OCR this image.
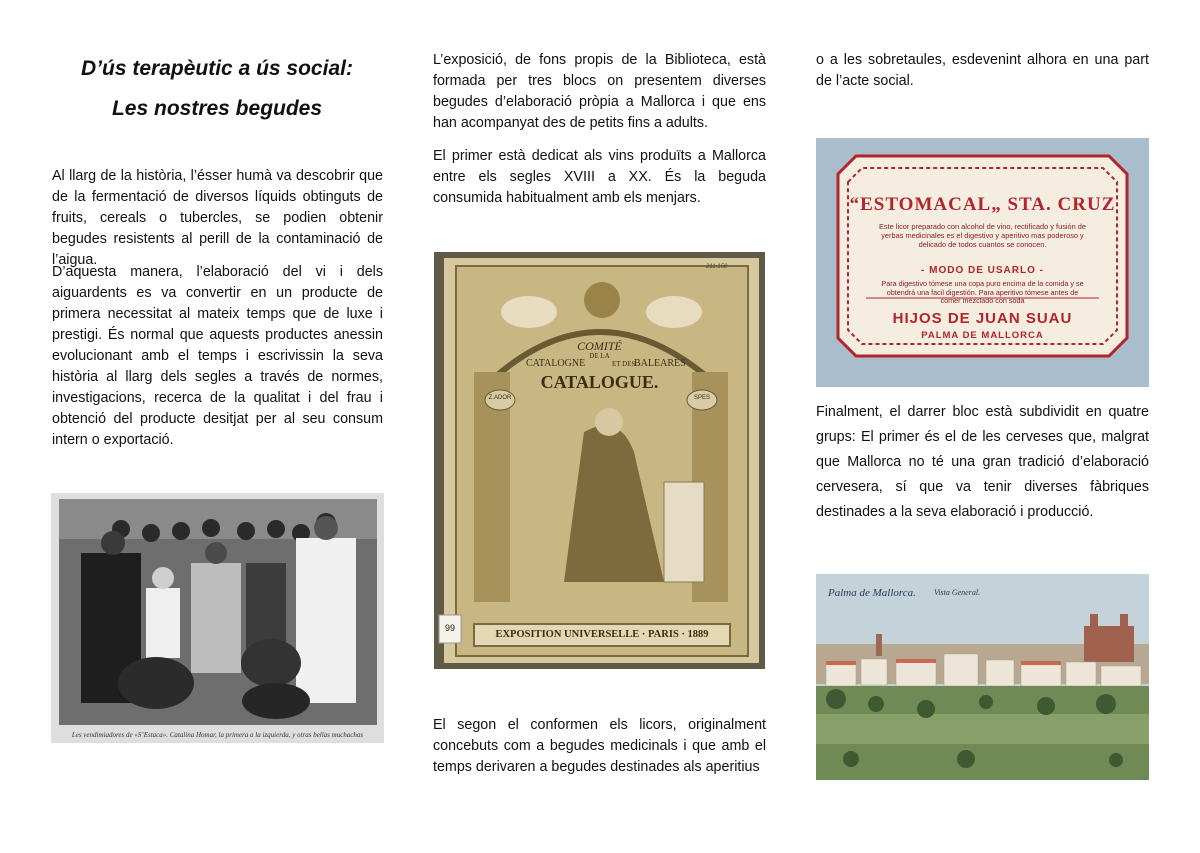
D’ús terapèutic a ús social:
Les nostres begudes
Al llarg de la història, l’ésser humà va descobrir que de la fermentació de diversos líquids obtinguts de fruits, cereals o tubercles, se podien obtenir begudes resistents al perill de la contaminació de l’aigua.
D’aquesta manera, l’elaboració del vi i dels aiguardents es va convertir en un producte de primera necessitat al mateix temps que de luxe i prestigi. És normal que aquests productes anessin evolucionant amb el temps i escrivissin la seva història al llarg dels segles a través de normes, investigacions, recerca de la qualitat i del frau i obtenció del producte desitjat per al seu consum intern o exportació.
Les vendimiadores de «S’Estaca». Catalina Homar, la primera a la izquierda, y otras bellas muchachas
L’exposició, de fons propis de la Biblioteca, està formada per tres blocs on presentem diverses begudes d’elaboració pròpia a Mallorca i que ens han acompanyat des de petits fins a adults.
El primer està dedicat als vins produïts a Mallorca entre els segles XVIII a XX. És la beguda consumida habitualment amb els menjars.
211.158
COMITÉ
DE LA
CATALOGNE	ET DES
BALEARES
CATALOGUE.
Z.ADOR	SPES
EXPOSITION UNIVERSELLE · PARIS · 1889
99
El segon el conformen els licors, originalment concebuts com a begudes medicinals i que amb el temps derivaren a begudes destinades als aperitius
o a les sobretaules, esdevenint alhora en una part de l’acte social.
“ESTOMACAL„ STA. CRUZ
Este licor preparado con alcohol de vino, rectificado y fusión de yerbas medicinales es el digestivo y aperitivo mas poderoso y delicado de todos cuantos se conocen.
- MODO DE USARLO -
Para digestivo tómese una copa puro encima de la comida y se obtendrá una facil digestión. Para aperitivo tómese antes de comer mezclado con soda
HIJOS DE JUAN SUAU
PALMA DE MALLORCA
Finalment, el darrer bloc està subdividit en quatre grups: El primer és el de les cerveses que, malgrat que Mallorca no té una gran tradició d’elaboració cervesera, sí que va tenir diverses fàbriques destinades a la seva elaboració i producció.
Palma de Mallorca. Vista General.
